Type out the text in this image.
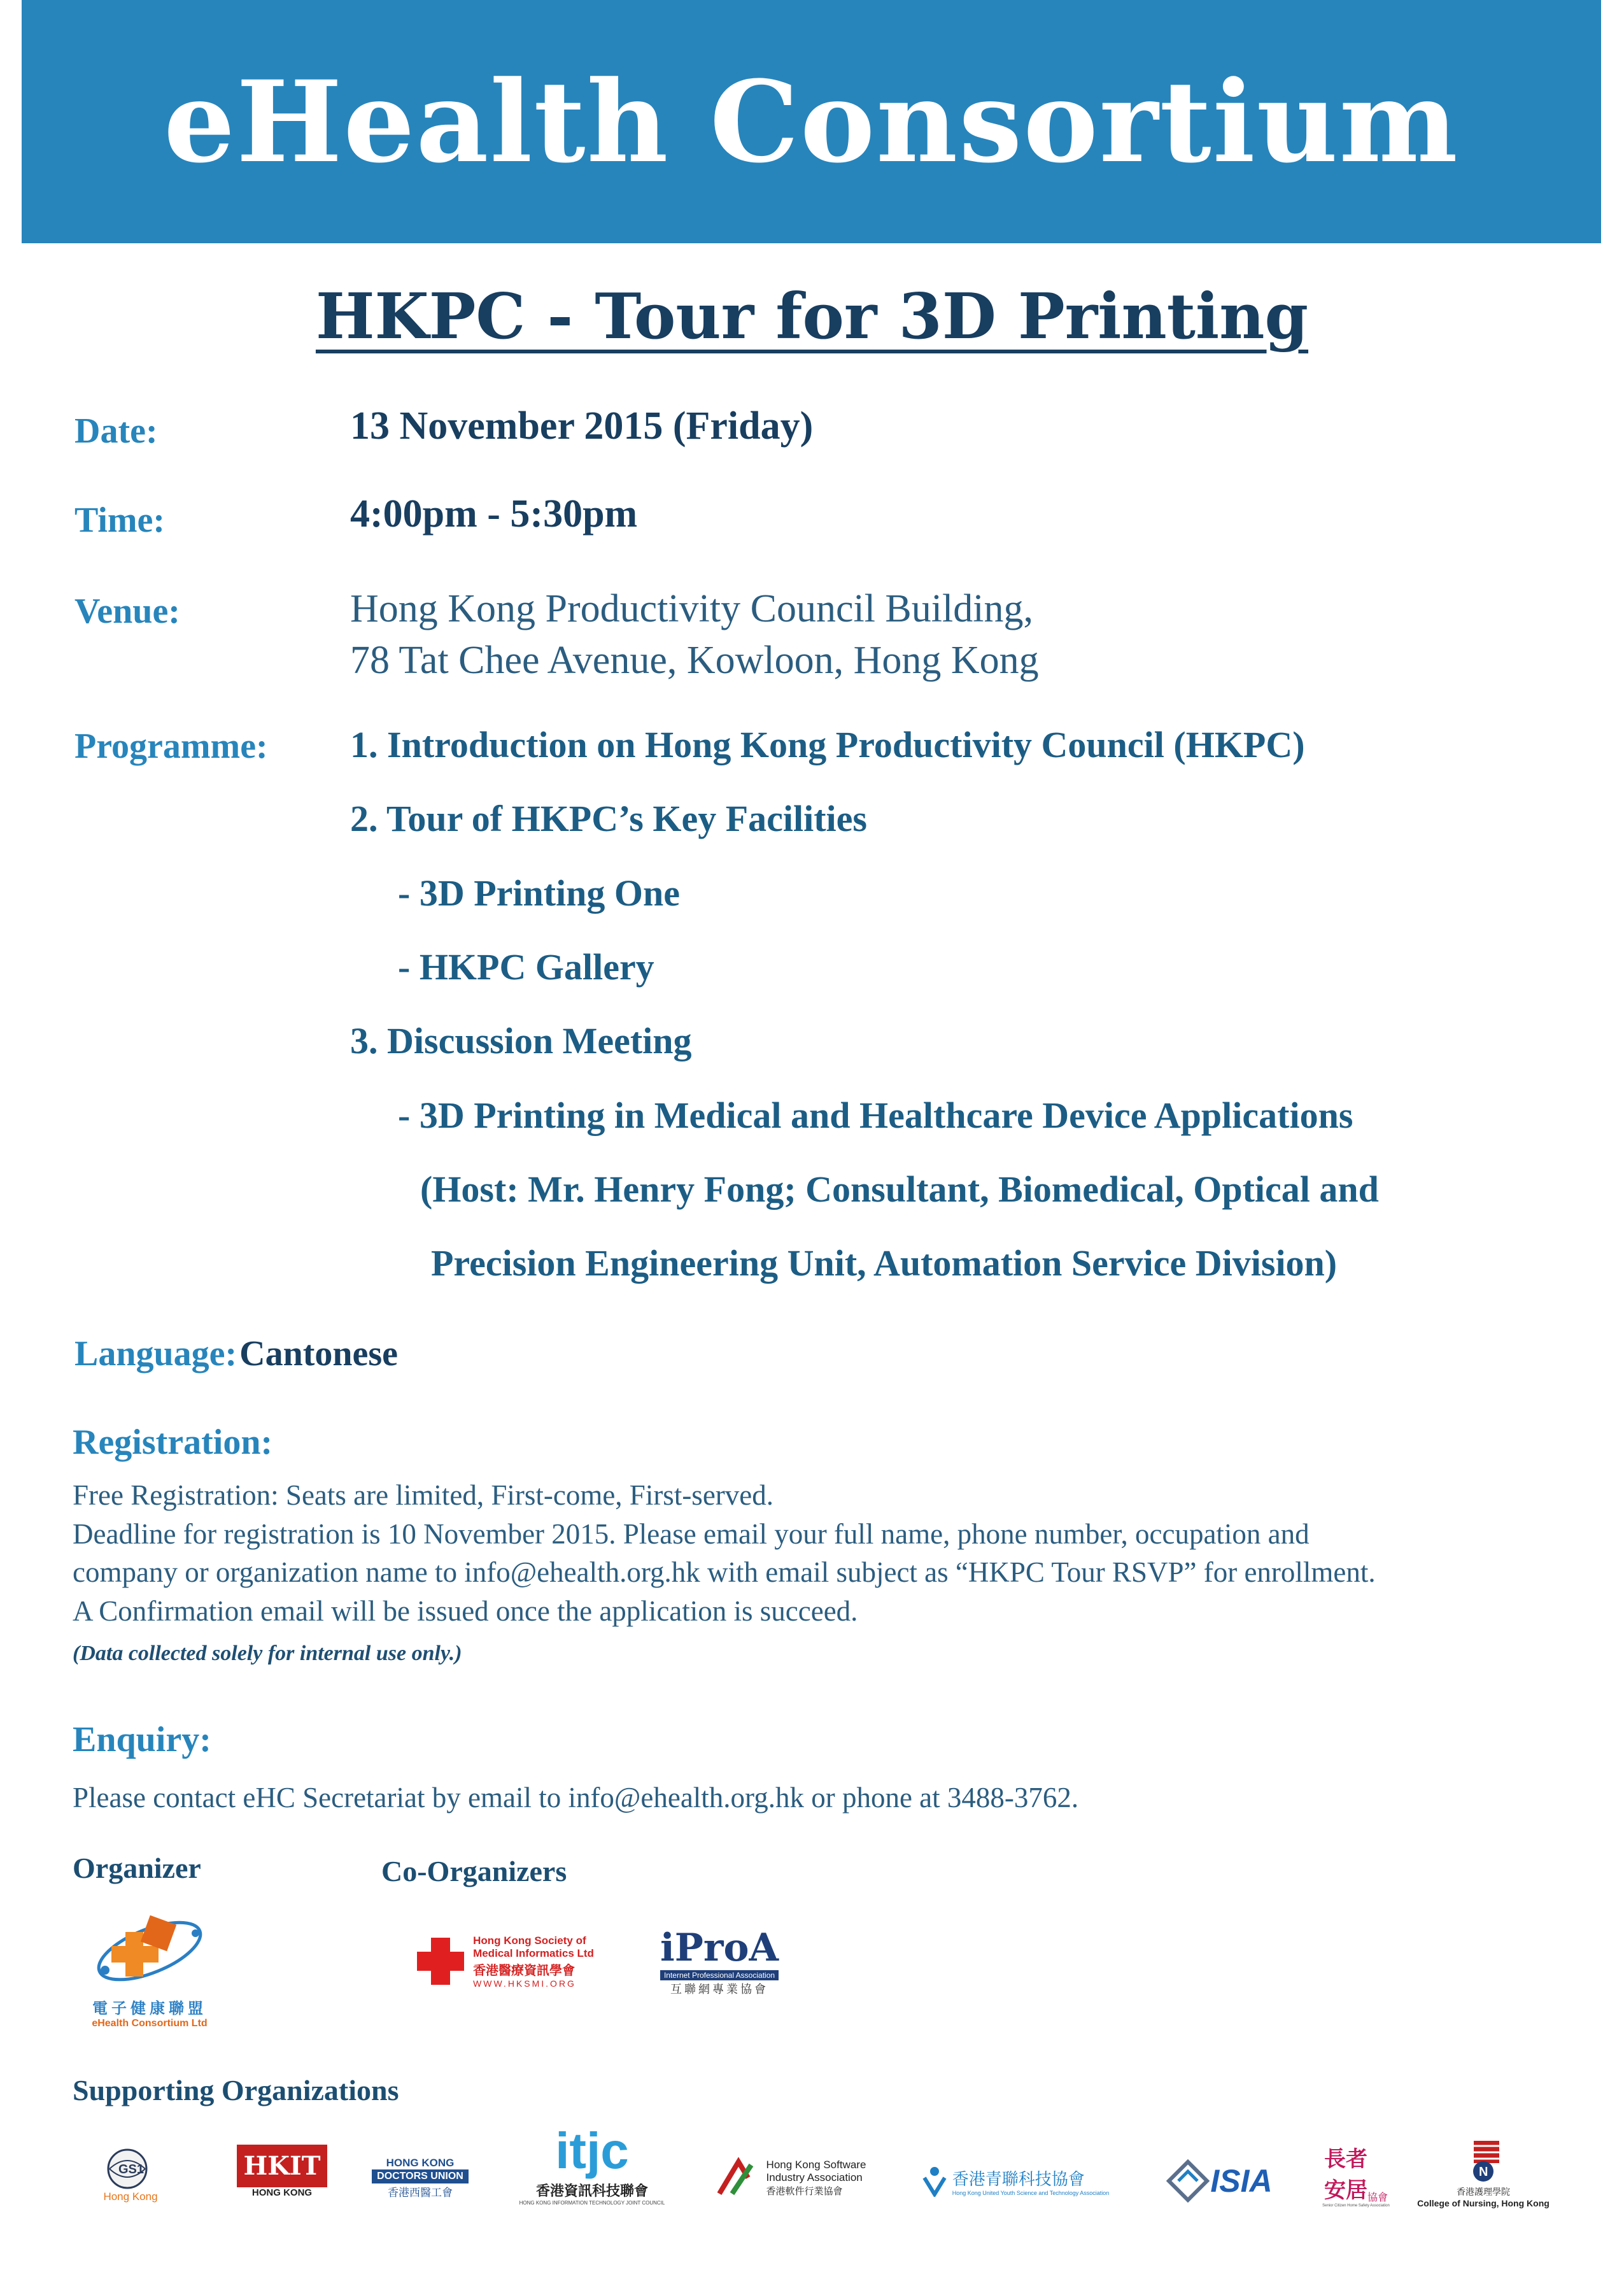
eHealth Consortium
HKPC - Tour for 3D Printing
Date:	13 November 2015 (Friday)
Time:	4:00pm - 5:30pm
Venue:	Hong Kong Productivity Council Building,
78 Tat Chee Avenue, Kowloon, Hong Kong
Programme: 1. Introduction on Hong Kong Productivity Council (HKPC)
2. Tour of HKPC’s Key Facilities
- 3D Printing One
- HKPC Gallery
3. Discussion Meeting
- 3D Printing in Medical and Healthcare Device Applications
(Host: Mr. Henry Fong; Consultant, Biomedical, Optical and
Precision Engineering Unit, Automation Service Division)
Language: Cantonese
Registration:
Free Registration: Seats are limited, First-come, First-served.
Deadline for registration is 10 November 2015. Please email your full name, phone number, occupation and
company or organization name to info@ehealth.org.hk with email subject as “HKPC Tour RSVP” for enrollment.
A Confirmation email will be issued once the application is succeed.
(Data collected solely for internal use only.)
Enquiry:
Please contact eHC Secretariat by email to info@ehealth.org.hk or phone at 3488-3762.
Organizer	Co-Organizers
電子健康聯盟
eHealth Consortium Ltd
Hong Kong Society of
Medical Informatics Ltd
香港醫療資訊學會
WWW.HKSMI.ORG
iProA
Internet Professional Association
互聯網專業協會
Supporting Organizations
GS1
Hong Kong
HKIT
HONG KONG
HONG KONG
DOCTORS UNION
香港西醫工會
itjc
香港資訊科技聯會
HONG KONG INFORMATION TECHNOLOGY JOINT COUNCIL
Hong Kong Software
Industry Association
香港軟件行業協會
香港青聯科技協會
Hong Kong United Youth Science and Technology Association	ISIA
長者
安居 協會
Senior Citizen Home Safety Association
N
香港護理學院
College of Nursing, Hong Kong
